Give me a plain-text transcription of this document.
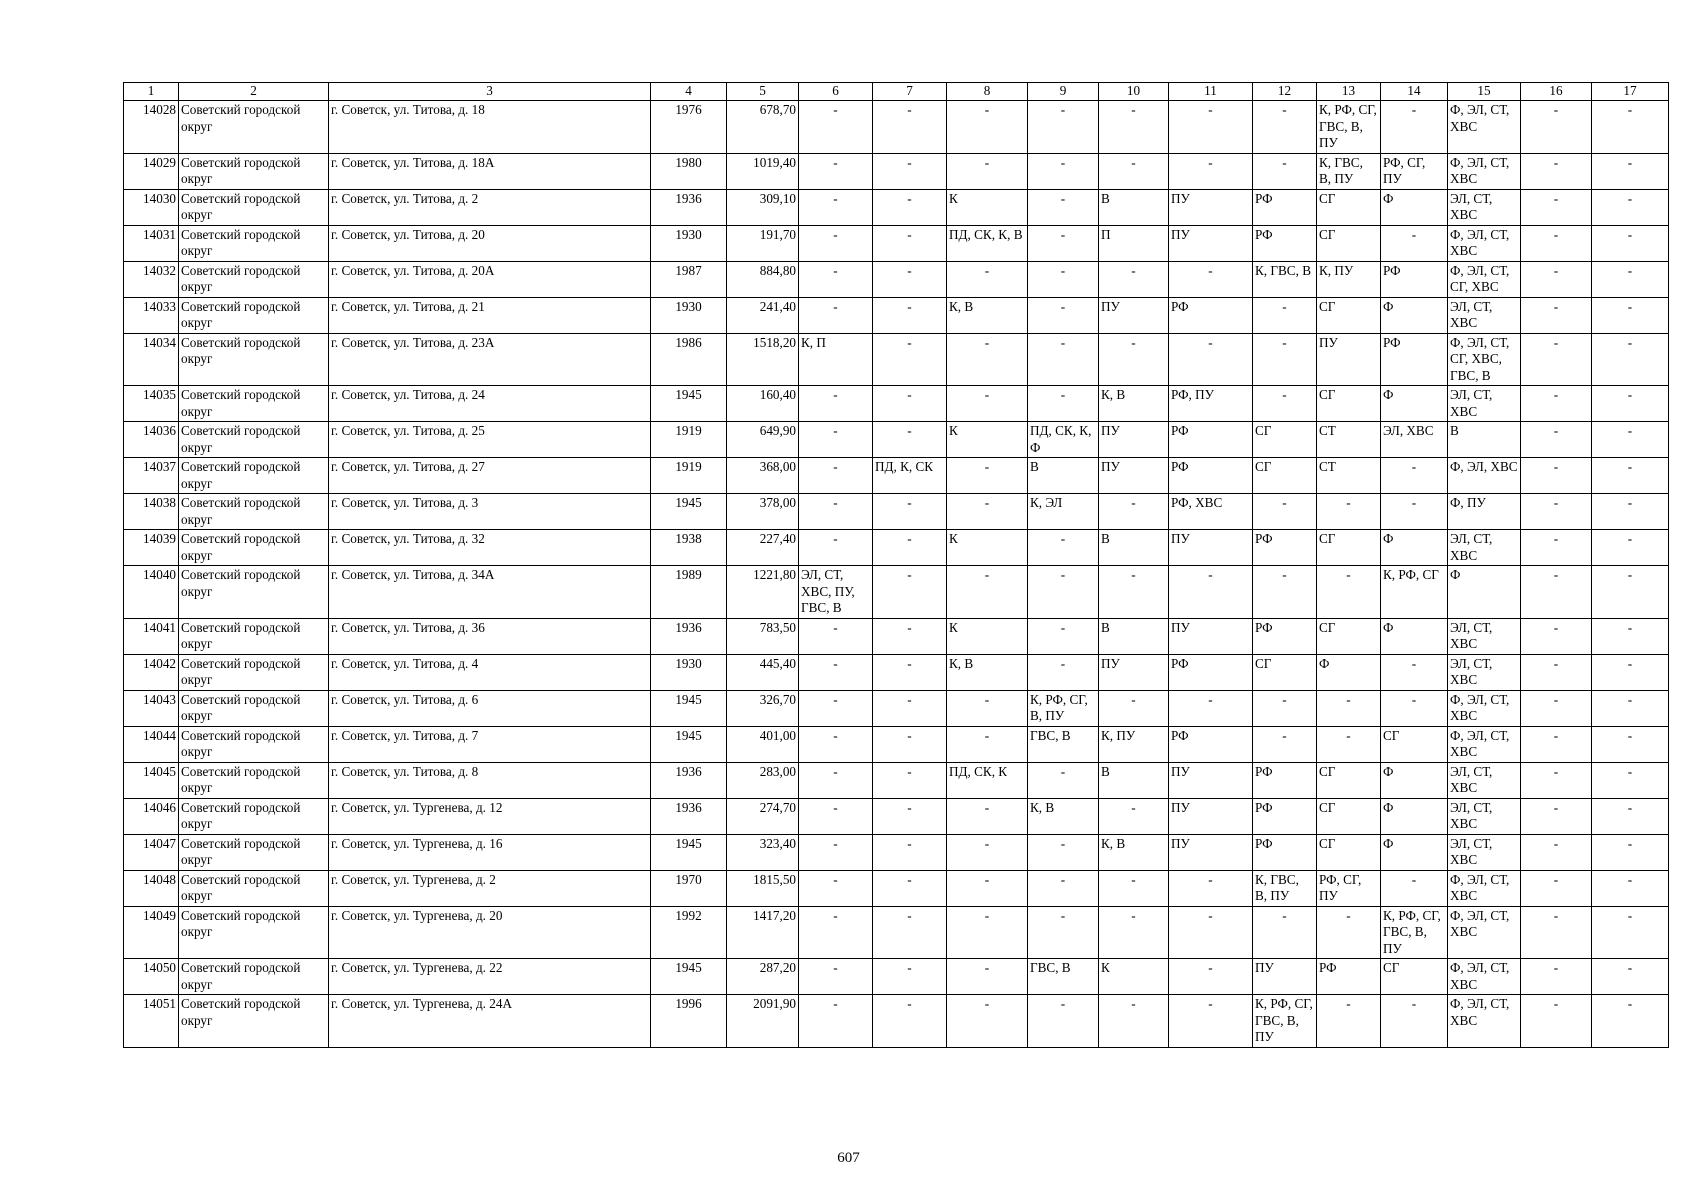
1	2	3	4	5	6	7	8	9	10	11	12	13	14	15	16	17
14028	Советский городской округ	г. Советск, ул. Титова, д. 18	1976	678,70	-	-	-	-	-	-	-	К, РФ, СГ, ГВС, В, ПУ	-	Ф, ЭЛ, СТ, ХВС	-	-
14029	Советский городской округ	г. Советск, ул. Титова, д. 18А	1980	1019,40	-	-	-	-	-	-	-	К, ГВС, В, ПУ	РФ, СГ, ПУ	Ф, ЭЛ, СТ, ХВС	-	-
14030	Советский городской округ	г. Советск, ул. Титова, д. 2	1936	309,10	-	-	К	-	В	ПУ	РФ	СГ	Ф	ЭЛ, СТ, ХВС	-	-
14031	Советский городской округ	г. Советск, ул. Титова, д. 20	1930	191,70	-	-	ПД, СК, К, В	-	П	ПУ	РФ	СГ	-	Ф, ЭЛ, СТ, ХВС	-	-
14032	Советский городской округ	г. Советск, ул. Титова, д. 20А	1987	884,80	-	-	-	-	-	-	К, ГВС, В	К, ПУ	РФ	Ф, ЭЛ, СТ, СГ, ХВС	-	-
14033	Советский городской округ	г. Советск, ул. Титова, д. 21	1930	241,40	-	-	К, В	-	ПУ	РФ	-	СГ	Ф	ЭЛ, СТ, ХВС	-	-
14034	Советский городской округ	г. Советск, ул. Титова, д. 23А	1986	1518,20	К, П	-	-	-	-	-	-	ПУ	РФ	Ф, ЭЛ, СТ, СГ, ХВС, ГВС, В	-	-
14035	Советский городской округ	г. Советск, ул. Титова, д. 24	1945	160,40	-	-	-	-	К, В	РФ, ПУ	-	СГ	Ф	ЭЛ, СТ, ХВС	-	-
14036	Советский городской округ	г. Советск, ул. Титова, д. 25	1919	649,90	-	-	К	ПД, СК, К, Ф	ПУ	РФ	СГ	СТ	ЭЛ, ХВС	В	-	-
14037	Советский городской округ	г. Советск, ул. Титова, д. 27	1919	368,00	-	ПД, К, СК	-	В	ПУ	РФ	СГ	СТ	-	Ф, ЭЛ, ХВС	-	-
14038	Советский городской округ	г. Советск, ул. Титова, д. 3	1945	378,00	-	-	-	К, ЭЛ	-	РФ, ХВС	-	-	-	Ф, ПУ	-	-
14039	Советский городской округ	г. Советск, ул. Титова, д. 32	1938	227,40	-	-	К	-	В	ПУ	РФ	СГ	Ф	ЭЛ, СТ, ХВС	-	-
14040	Советский городской округ	г. Советск, ул. Титова, д. 34А	1989	1221,80	ЭЛ, СТ, ХВС, ПУ, ГВС, В	-	-	-	-	-	-	-	К, РФ, СГ	Ф	-	-
14041	Советский городской округ	г. Советск, ул. Титова, д. 36	1936	783,50	-	-	К	-	В	ПУ	РФ	СГ	Ф	ЭЛ, СТ, ХВС	-	-
14042	Советский городской округ	г. Советск, ул. Титова, д. 4	1930	445,40	-	-	К, В	-	ПУ	РФ	СГ	Ф	-	ЭЛ, СТ, ХВС	-	-
14043	Советский городской округ	г. Советск, ул. Титова, д. 6	1945	326,70	-	-	-	К, РФ, СГ, В, ПУ	-	-	-	-	-	Ф, ЭЛ, СТ, ХВС	-	-
14044	Советский городской округ	г. Советск, ул. Титова, д. 7	1945	401,00	-	-	-	ГВС, В	К, ПУ	РФ	-	-	СГ	Ф, ЭЛ, СТ, ХВС	-	-
14045	Советский городской округ	г. Советск, ул. Титова, д. 8	1936	283,00	-	-	ПД, СК, К	-	В	ПУ	РФ	СГ	Ф	ЭЛ, СТ, ХВС	-	-
14046	Советский городской округ	г. Советск, ул. Тургенева, д. 12	1936	274,70	-	-	-	К, В	-	ПУ	РФ	СГ	Ф	ЭЛ, СТ, ХВС	-	-
14047	Советский городской округ	г. Советск, ул. Тургенева, д. 16	1945	323,40	-	-	-	-	К, В	ПУ	РФ	СГ	Ф	ЭЛ, СТ, ХВС	-	-
14048	Советский городской округ	г. Советск, ул. Тургенева, д. 2	1970	1815,50	-	-	-	-	-	-	К, ГВС, В, ПУ	РФ, СГ, ПУ	-	Ф, ЭЛ, СТ, ХВС	-	-
14049	Советский городской округ	г. Советск, ул. Тургенева, д. 20	1992	1417,20	-	-	-	-	-	-	-	-	К, РФ, СГ, ГВС, В, ПУ	Ф, ЭЛ, СТ, ХВС	-	-
14050	Советский городской округ	г. Советск, ул. Тургенева, д. 22	1945	287,20	-	-	-	ГВС, В	К	-	ПУ	РФ	СГ	Ф, ЭЛ, СТ, ХВС	-	-
14051	Советский городской округ	г. Советск, ул. Тургенева, д. 24А	1996	2091,90	-	-	-	-	-	-	К, РФ, СГ, ГВС, В, ПУ	-	-	Ф, ЭЛ, СТ, ХВС	-	-
607
